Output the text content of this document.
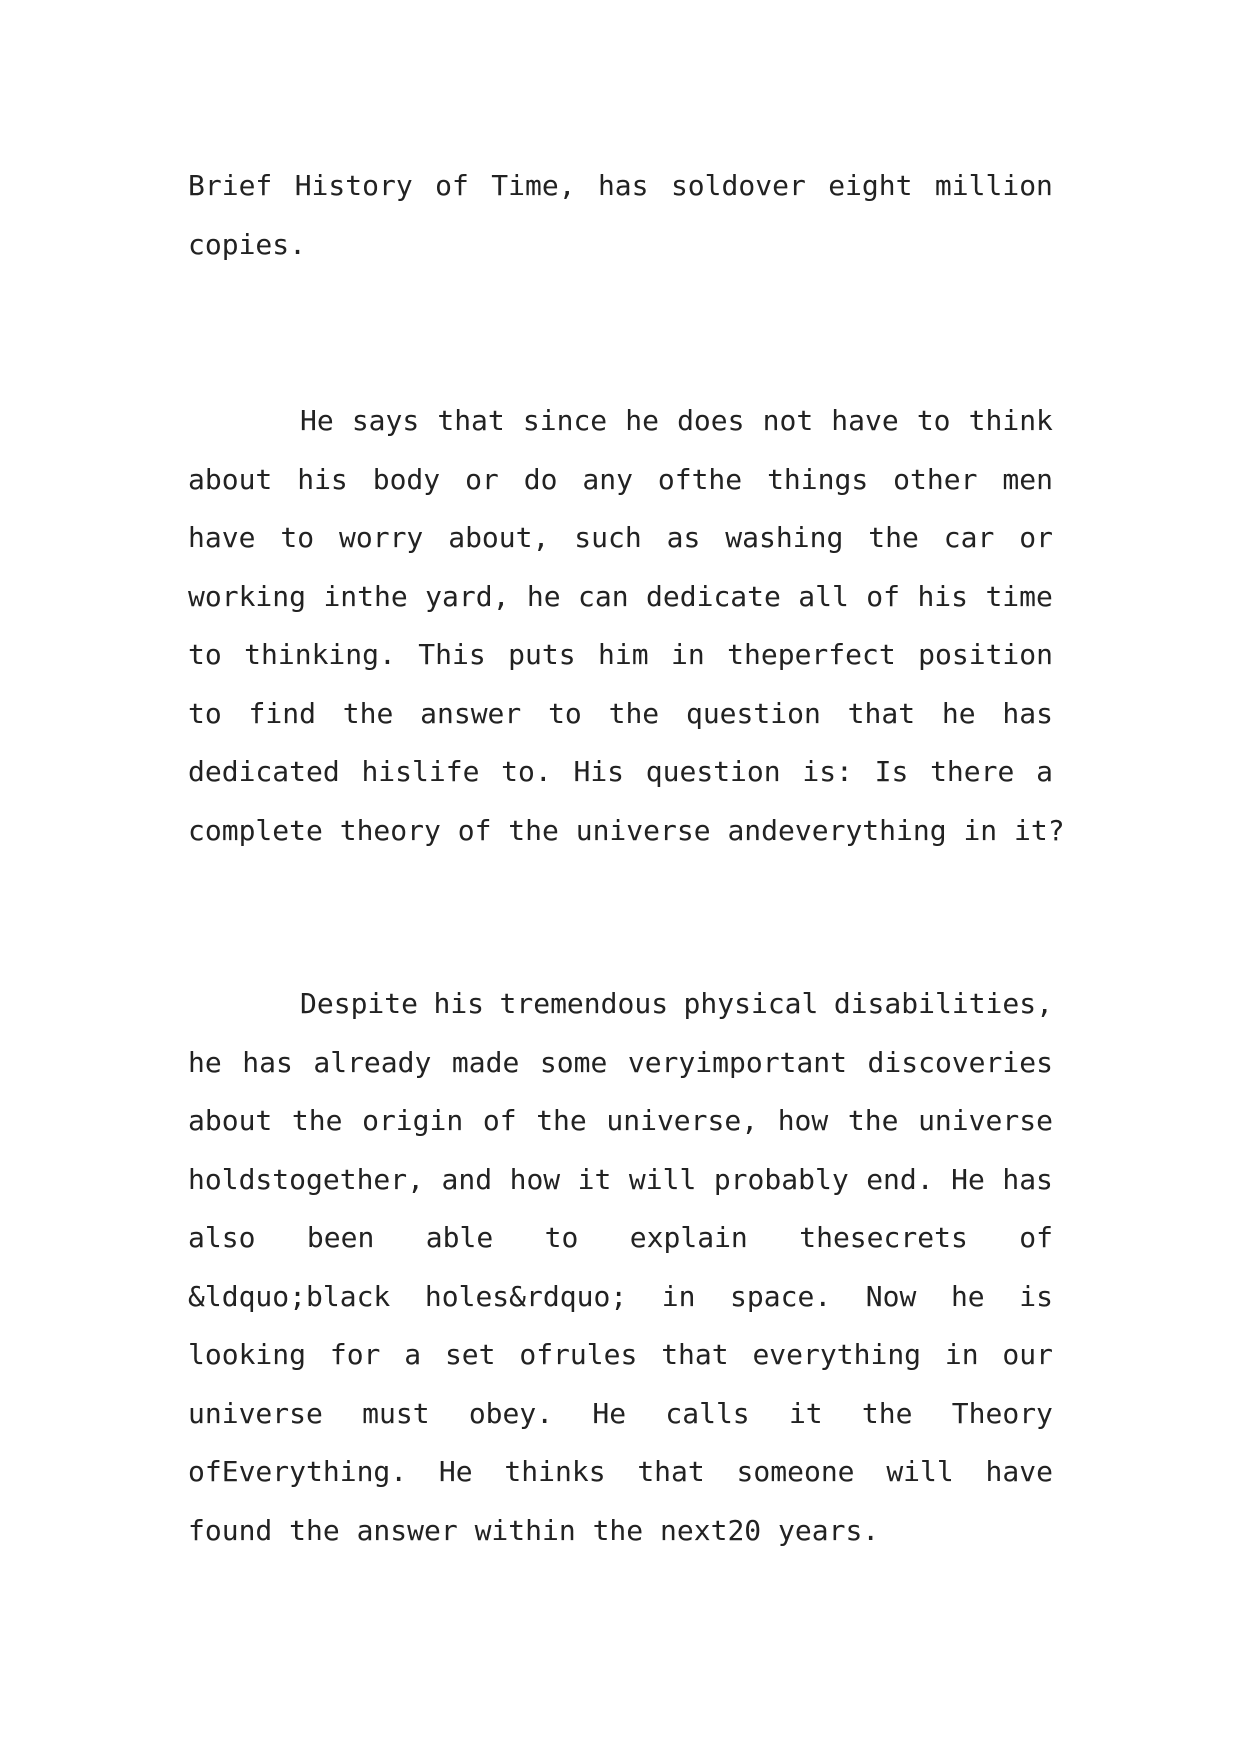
Brief History of Time, has soldover eight million
copies.
He says that since he does not have to think
about his body or do any ofthe things other men
have to worry about, such as washing the car or
working inthe yard, he can dedicate all of his time
to thinking. This puts him in theperfect position
to find the answer to the question that he has
dedicated hislife to. His question is: Is there a
complete theory of the universe andeverything in it?
Despite his tremendous physical disabilities,
he has already made some veryimportant discoveries
about the origin of the universe, how the universe
holdstogether, and how it will probably end. He has
also been able to explain thesecrets of
&ldquo;black holes&rdquo; in space. Now he is
looking for a set ofrules that everything in our
universe must obey. He calls it the Theory
ofEverything. He thinks that someone will have
found the answer within the next20 years.
